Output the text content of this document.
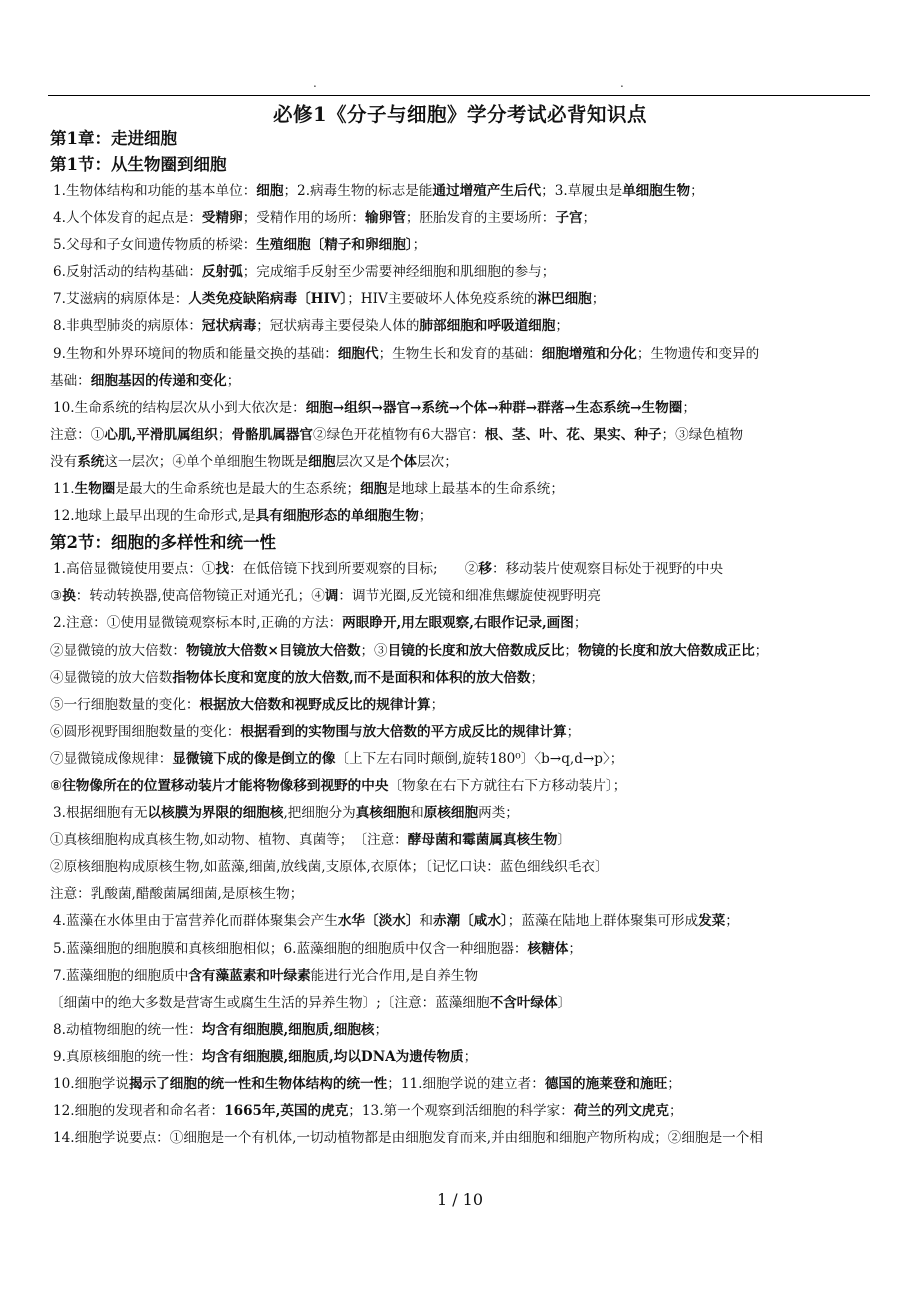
.	.
必修1《分子与细胞》学分考试必背知识点
第1章：走进细胞
第1节：从生物圈到细胞
1.生物体结构和功能的基本单位：细胞；2.病毒生物的标志是能通过增殖产生后代；3.草履虫是单细胞生物；
4.人个体发育的起点是：受精卵；受精作用的场所：输卵管；胚胎发育的主要场所：子宫；
5.父母和子女间遗传物质的桥梁：生殖细胞〔精子和卵细胞〕；
6.反射活动的结构基础：反射弧；完成缩手反射至少需要神经细胞和肌细胞的参与；
7.艾滋病的病原体是：人类免疫缺陷病毒〔HIV〕；HIV主要破坏人体免疫系统的淋巴细胞；
8.非典型肺炎的病原体：冠状病毒；冠状病毒主要侵染人体的肺部细胞和呼吸道细胞；
9.生物和外界环境间的物质和能量交换的基础：细胞代；生物生长和发育的基础：细胞增殖和分化；生物遗传和变异的
基础：细胞基因的传递和变化；
10.生命系统的结构层次从小到大依次是：细胞→组织→器官→系统→个体→种群→群落→生态系统→生物圈；
注意：①心肌,平滑肌属组织；骨骼肌属器官②绿色开花植物有6大器官：根、茎、叶、花、果实、种子；③绿色植物
没有系统这一层次；④单个单细胞生物既是细胞层次又是个体层次；
11.生物圈是最大的生命系统也是最大的生态系统；细胞是地球上最基本的生命系统；
12.地球上最早出现的生命形式,是具有细胞形态的单细胞生物；
第2节：细胞的多样性和统一性
1.高倍显微镜使用要点：①找：在低倍镜下找到所要观察的目标;　　②移：移动装片使观察目标处于视野的中央
③换：转动转换器,使高倍物镜正对通光孔；④调：调节光圈,反光镜和细准焦螺旋使视野明亮
2.注意：①使用显微镜观察标本时,正确的方法：两眼睁开,用左眼观察,右眼作记录,画图；
②显微镜的放大倍数：物镜放大倍数×目镜放大倍数；③目镜的长度和放大倍数成反比；物镜的长度和放大倍数成正比；
④显微镜的放大倍数指物体长度和宽度的放大倍数,而不是面积和体积的放大倍数；
⑤一行细胞数量的变化：根据放大倍数和视野成反比的规律计算；
⑥圆形视野围细胞数量的变化：根据看到的实物围与放大倍数的平方成反比的规律计算；
⑦显微镜成像规律：显微镜下成的像是倒立的像〔上下左右同时颠倒,旋转180⁰〕〈b→q,d→p〉；
⑧往物像所在的位置移动装片才能将物像移到视野的中央〔物象在右下方就往右下方移动装片〕；
3.根据细胞有无以核膜为界限的细胞核,把细胞分为真核细胞和原核细胞两类；
①真核细胞构成真核生物,如动物、植物、真菌等；　〔注意：酵母菌和霉菌属真核生物〕
②原核细胞构成原核生物,如蓝藻,细菌,放线菌,支原体,衣原体；〔记忆口诀：蓝色细线织毛衣〕
注意：乳酸菌,醋酸菌属细菌,是原核生物；
4.蓝藻在水体里由于富营养化而群体聚集会产生水华〔淡水〕和赤潮〔咸水〕；蓝藻在陆地上群体聚集可形成发菜；
5.蓝藻细胞的细胞膜和真核细胞相似；6.蓝藻细胞的细胞质中仅含一种细胞器：核糖体；
7.蓝藻细胞的细胞质中含有藻蓝素和叶绿素能进行光合作用,是自养生物
〔细菌中的绝大多数是营寄生或腐生生活的异养生物〕;〔注意：蓝藻细胞不含叶绿体〕
8.动植物细胞的统一性：均含有细胞膜,细胞质,细胞核；
9.真原核细胞的统一性：均含有细胞膜,细胞质,均以DNA为遗传物质；
10.细胞学说揭示了细胞的统一性和生物体结构的统一性；11.细胞学说的建立者：德国的施莱登和施旺；
12.细胞的发现者和命名者：1665年,英国的虎克；13.第一个观察到活细胞的科学家：荷兰的列文虎克；
14.细胞学说要点：①细胞是一个有机体,一切动植物都是由细胞发育而来,并由细胞和细胞产物所构成；②细胞是一个相
1 / 10
